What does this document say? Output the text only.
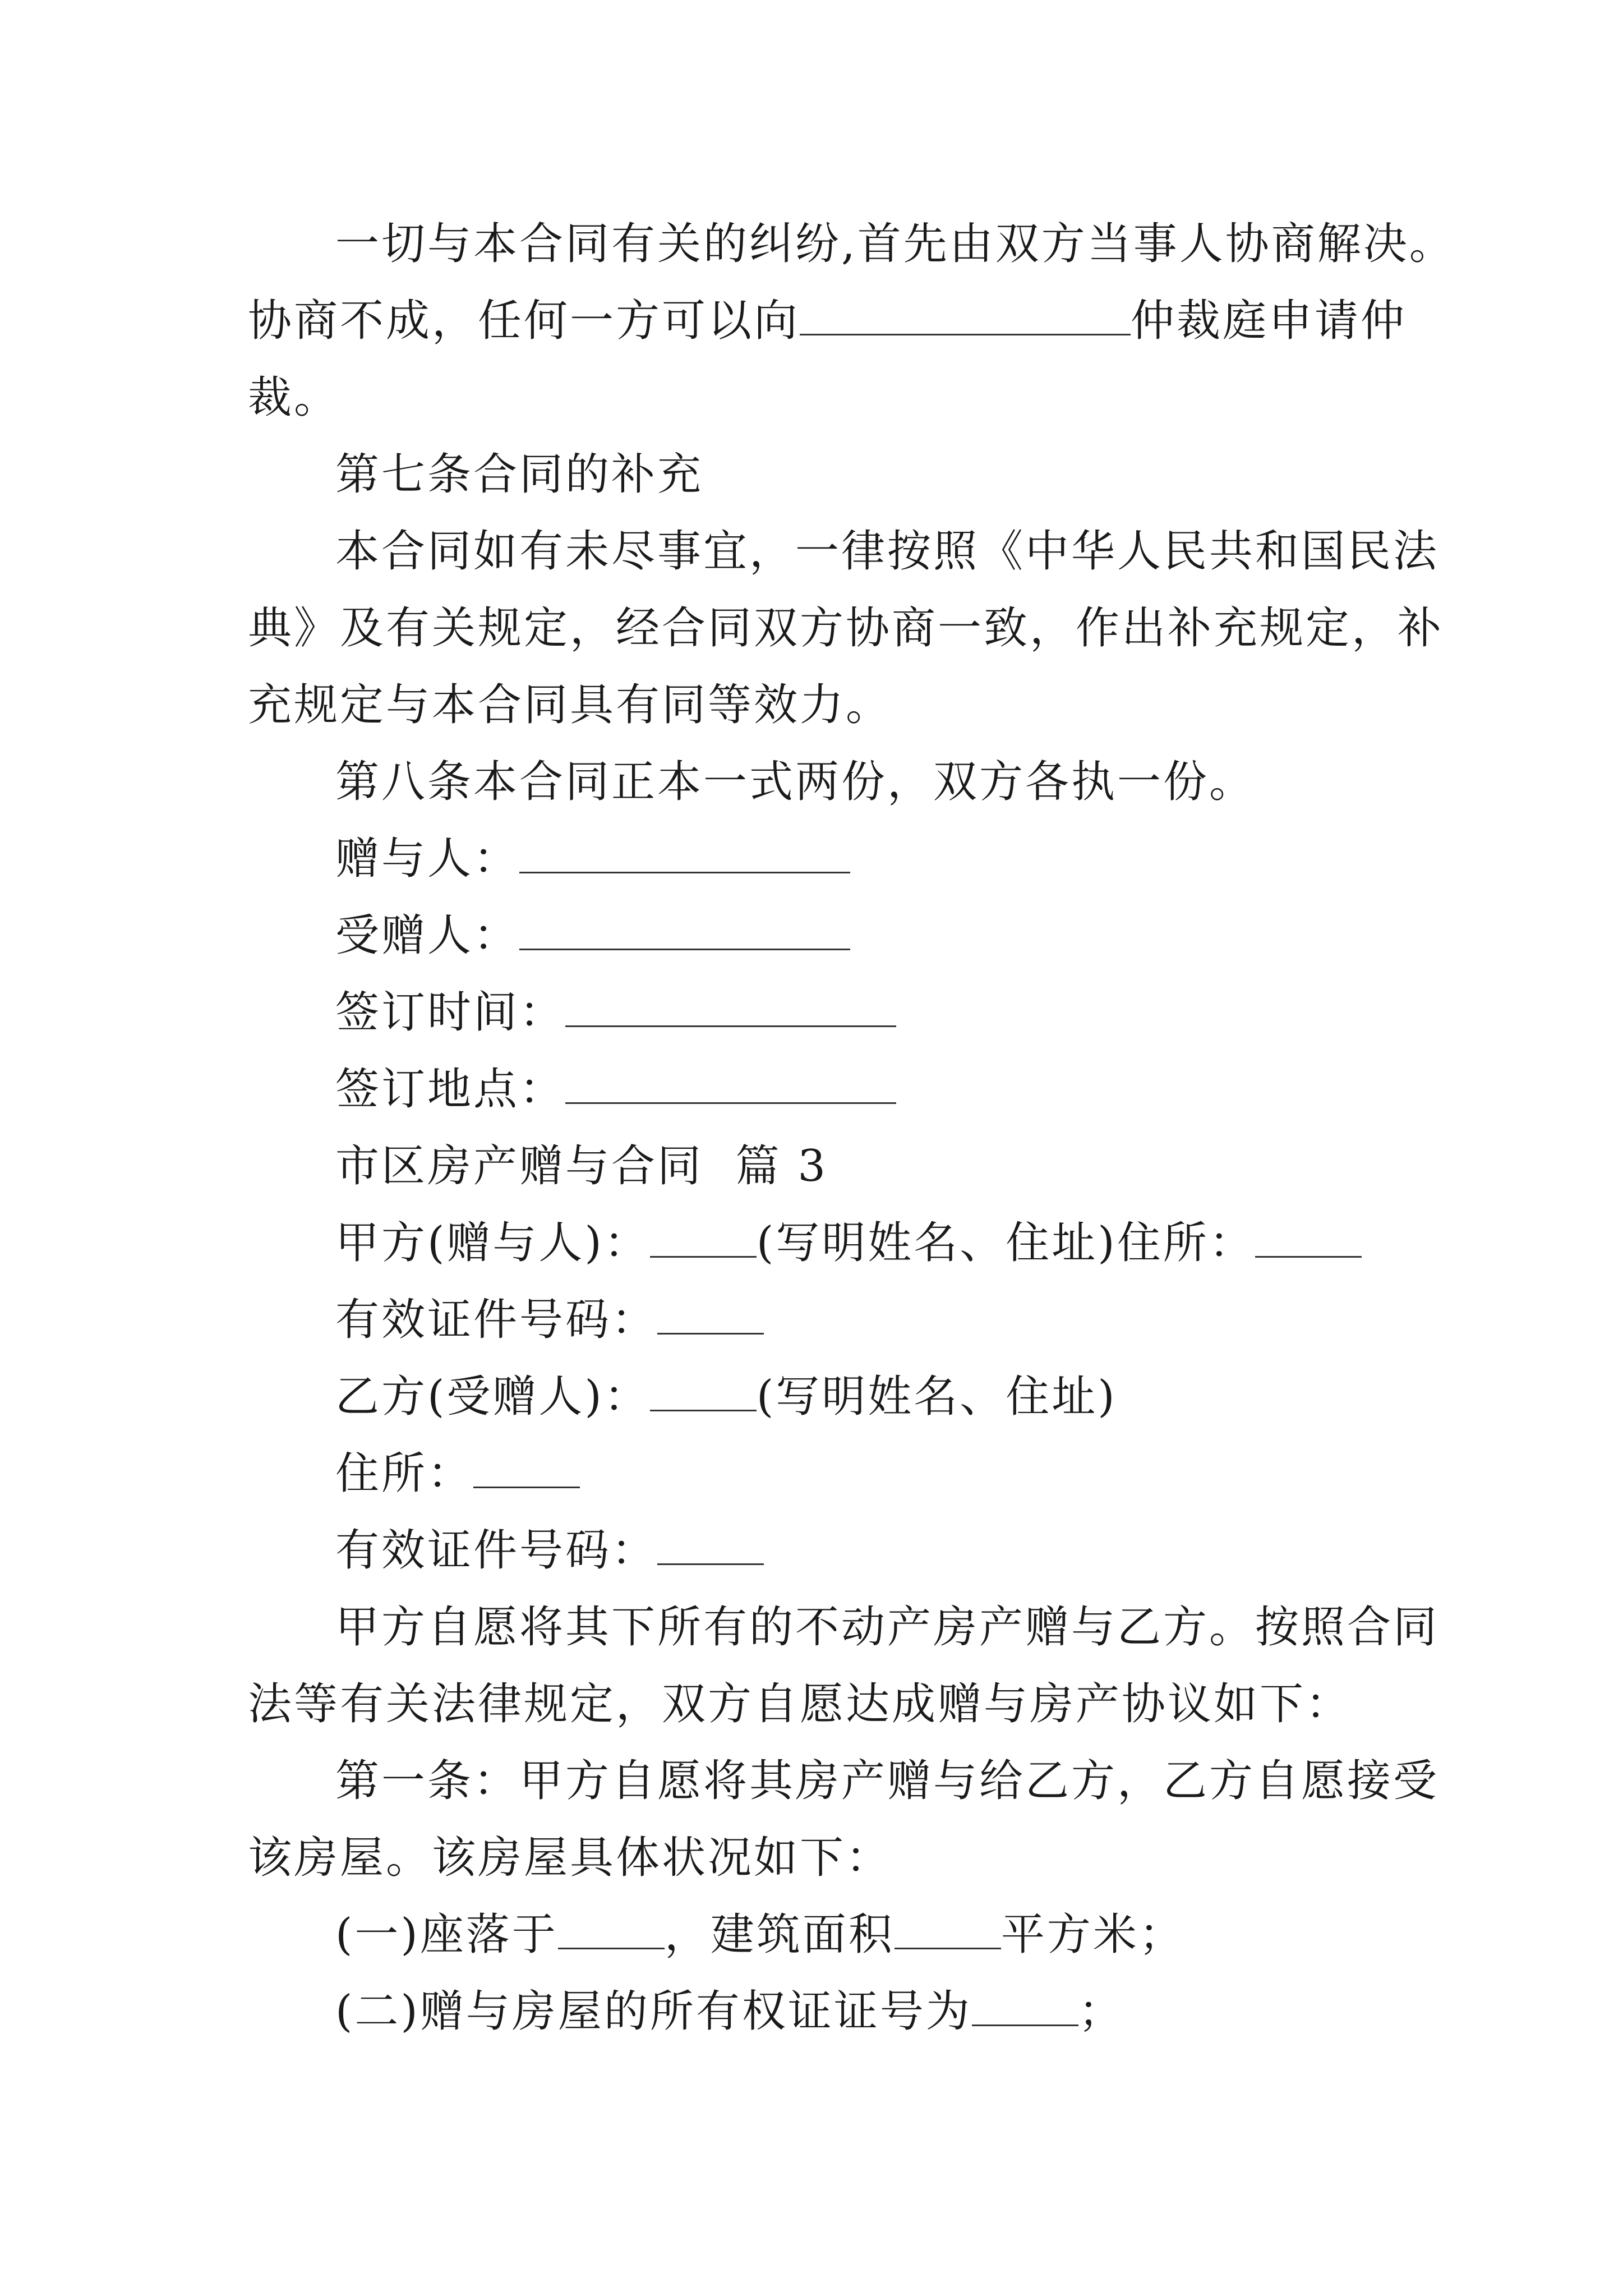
一切与本合同有关的纠纷,首先由双方当事人协商解决。
协商不成，任何一方可以向	仲裁庭申请仲
裁。
第七条合同的补充
本合同如有未尽事宜，一律按照《中华人民共和国民法
典》及有关规定，经合同双方协商一致，作出补充规定，补
充规定与本合同具有同等效力。
第八条本合同正本一式两份，双方各执一份。
赠与人：
受赠人：
签订时间：
签订地点：
市区房产赠与合同  篇 3
甲方(赠与人)： (写明姓名、住址)住所：
有效证件号码：
乙方(受赠人)： (写明姓名、住址)
住所：
有效证件号码：
甲方自愿将其下所有的不动产房产赠与乙方。按照合同
法等有关法律规定，双方自愿达成赠与房产协议如下：
第一条：甲方自愿将其房产赠与给乙方，乙方自愿接受
该房屋。该房屋具体状况如下：
(一)座落于 ，建筑面积 平方米；
(二)赠与房屋的所有权证证号为 ；
